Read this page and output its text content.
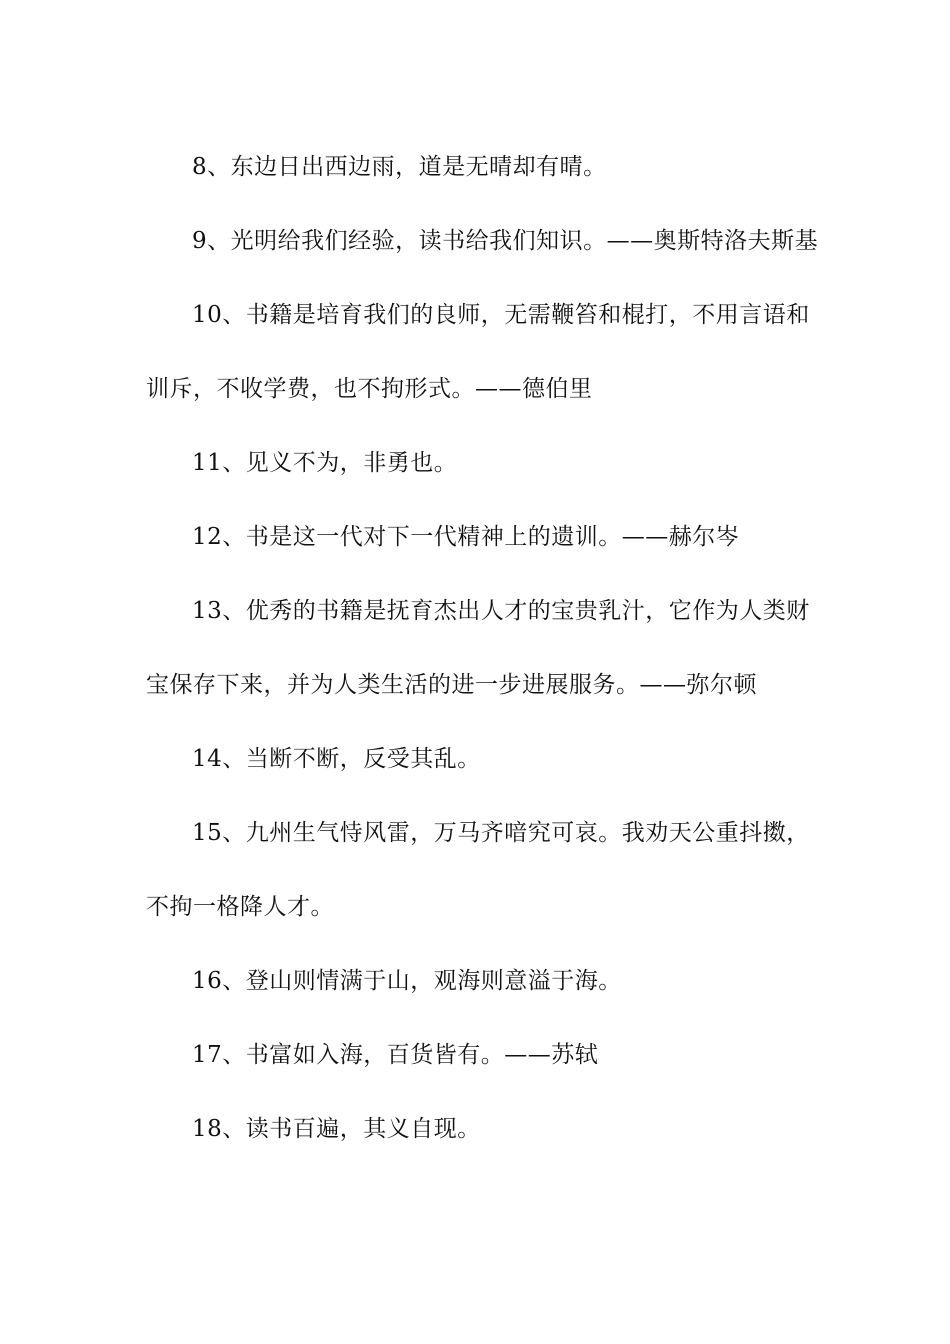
8、东边日出西边雨，道是无晴却有晴。

9、光明给我们经验，读书给我们知识。——奥斯特洛夫斯基

10、书籍是培育我们的良师，无需鞭笞和棍打，不用言语和训斥，不收学费，也不拘形式。——德伯里

11、见义不为，非勇也。

12、书是这一代对下一代精神上的遗训。——赫尔岑

13、优秀的书籍是抚育杰出人才的宝贵乳汁，它作为人类财宝保存下来，并为人类生活的进一步进展服务。——弥尔顿

14、当断不断，反受其乱。

15、九州生气恃风雷，万马齐喑究可哀。我劝天公重抖擞，不拘一格降人才。

16、登山则情满于山，观海则意溢于海。

17、书富如入海，百货皆有。——苏轼

18、读书百遍，其义自现。
